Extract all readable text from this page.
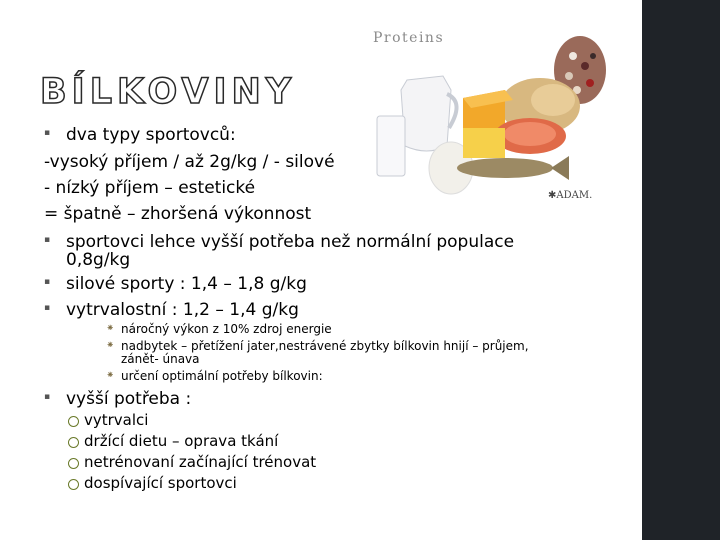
Proteins
✱ADAM.
BÍLKOVINY
▪ dva typy sportovců:
-vysoký příjem / až 2g/kg / - silové
- nízký příjem – estetické
= špatně – zhoršená výkonnost
▪ sportovci lehce vyšší potřeba než normální populace
0,8g/kg
▪ silové sporty : 1,4 – 1,8 g/kg
▪ vytrvalostní : 1,2 – 1,4 g/kg
⁕ náročný výkon z 10% zdroj energie
⁕ nadbytek – přetížení jater,nestrávené zbytky bílkovin hnijí – průjem,
zánět- únava
⁕ určení optimální potřeby bílkovin:
▪ vyšší potřeba :
vytrvalci
držící dietu – oprava tkání
netrénovaní začínající trénovat
dospívající sportovci
